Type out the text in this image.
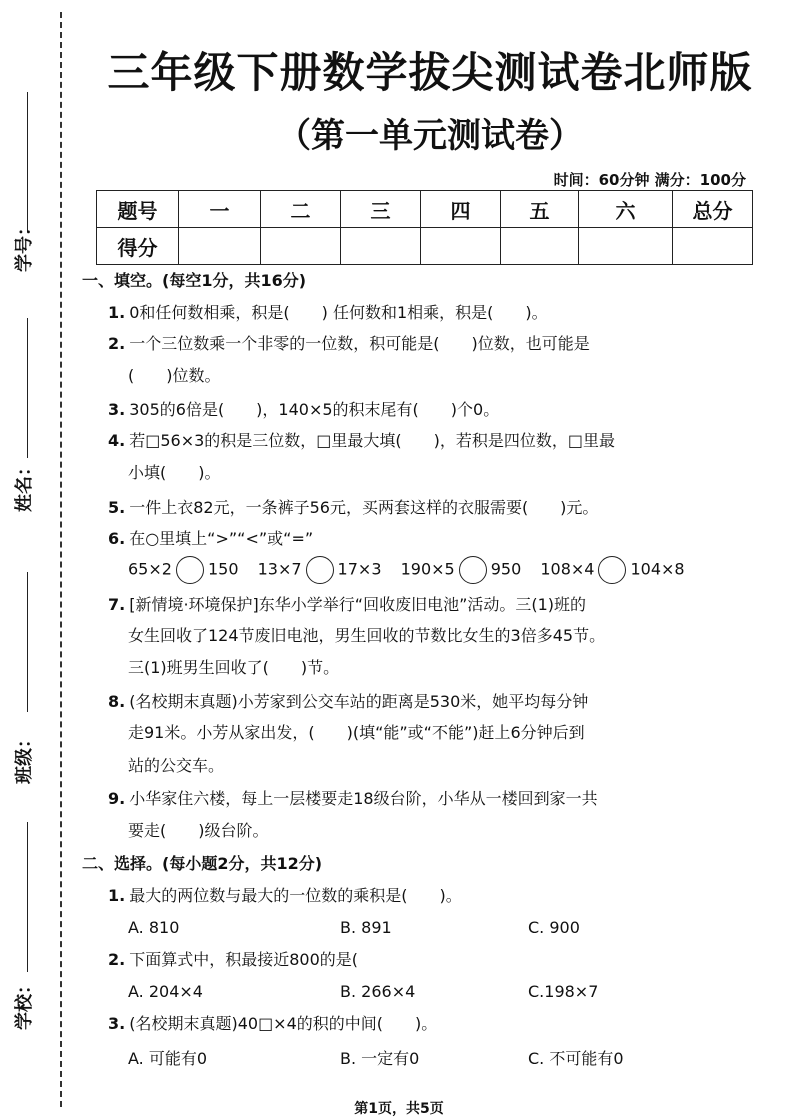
学号：
姓名：
班级：
学校：
三年级下册数学拔尖测试卷北师版
（第一单元测试卷）
时间：60分钟 满分：100分
题号	一	二	三	四	五	六	总分
得分							
一、填空。(每空1分，共16分)
1. 0和任何数相乘，积是(　　) 任何数和1相乘，积是(　　)。
2. 一个三位数乘一个非零的一位数，积可能是(　　)位数，也可能是
(　　)位数。
3. 305的6倍是(　　)，140×5的积末尾有(　　)个0。
4. 若□56×3的积是三位数，□里最大填(　　)，若积是四位数，□里最
小填(　　)。
5. 一件上衣82元，一条裤子56元，买两套这样的衣服需要(　　)元。
6. 在○里填上“>”“<”或“=”
65×2 150 13×7 17×3 190×5 950 108×4 104×8
7. [新情境·环境保护]东华小学举行“回收废旧电池”活动。三(1)班的
女生回收了124节废旧电池，男生回收的节数比女生的3倍多45节。
三(1)班男生回收了(　　)节。
8. (名校期末真题)小芳家到公交车站的距离是530米，她平均每分钟
走91米。小芳从家出发，(　　)(填“能”或“不能”)赶上6分钟后到
站的公交车。
9. 小华家住六楼，每上一层楼要走18级台阶，小华从一楼回到家一共
要走(　　)级台阶。
二、选择。(每小题2分，共12分)
1. 最大的两位数与最大的一位数的乘积是(　　)。
A. 810	B. 891	C. 900
2. 下面算式中，积最接近800的是(
A. 204×4	B. 266×4	C.198×7
3. (名校期末真题)40□×4的积的中间(　　)。
A. 可能有0	B. 一定有0	C. 不可能有0
第1页，共5页
